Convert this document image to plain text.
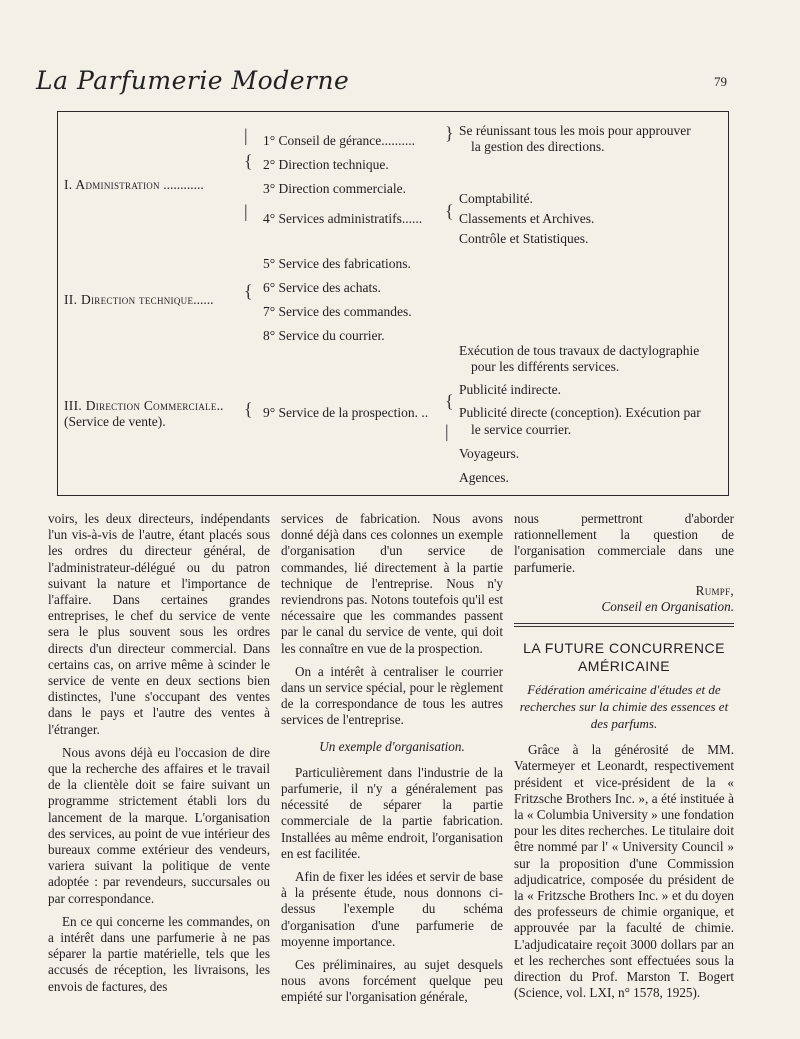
La Parfumerie Moderne	79
I. Administration ............
II. Direction technique......
III. Direction Commerciale..
(Service de vente).
|
{
|
{
{
1° Conseil de gérance..........
2° Direction technique.
3° Direction commerciale.
4° Services administratifs......
5° Service des fabrications.
6° Service des achats.
7° Service des commandes.
8° Service du courrier.
9° Service de la prospection. ..
}
{
{
|
Se réunissant tous les mois pour approuver
la gestion des directions.
Comptabilité.
Classements et Archives.
Contrôle et Statistiques.
Exécution de tous travaux de dactylographie
pour les différents services.
Publicité indirecte.
Publicité directe (conception). Exécution par
le service courrier.
Voyageurs.
Agences.

voirs, les deux directeurs, indépendants l'un vis-à-vis de l'autre, étant placés sous les ordres du directeur général, de l'administrateur-délégué ou du patron suivant la nature et l'importance de l'affaire. Dans certaines grandes entreprises, le chef du service de vente sera le plus souvent sous les ordres directs d'un directeur commercial. Dans certains cas, on arrive même à scinder le service de vente en deux sections bien distinctes, l'une s'occupant des ventes dans le pays et l'autre des ventes à l'étranger.

Nous avons déjà eu l'occasion de dire que la recherche des affaires et le travail de la clientèle doit se faire suivant un programme strictement établi lors du lancement de la marque. L'organisation des services, au point de vue intérieur des bureaux comme extérieur des vendeurs, variera suivant la politique de vente adoptée : par revendeurs, succursales ou par correspondance.

En ce qui concerne les commandes, on a intérêt dans une parfumerie à ne pas séparer la partie matérielle, tels que les accusés de réception, les livraisons, les envois de factures, des

services de fabrication. Nous avons donné déjà dans ces colonnes un exemple d'organisation d'un service de commandes, lié directement à la partie technique de l'entreprise. Nous n'y reviendrons pas. Notons toutefois qu'il est nécessaire que les commandes passent par le canal du service de vente, qui doit les connaître en vue de la prospection.

On a intérêt à centraliser le courrier dans un service spécial, pour le règlement de la correspondance de tous les autres services de l'entreprise.

Un exemple d'organisation.

Particulièrement dans l'industrie de la parfumerie, il n'y a généralement pas nécessité de séparer la partie commerciale de la partie fabrication. Installées au même endroit, l'organisation en est facilitée.

Afin de fixer les idées et servir de base à la présente étude, nous donnons ci-dessus l'exemple du schéma d'organisation d'une parfumerie de moyenne importance.

Ces préliminaires, au sujet desquels nous avons forcément quelque peu empiété sur l'organisation générale,

nous permettront d'aborder rationnellement la question de l'organisation commerciale dans une parfumerie.

Rumpf,

Conseil en Organisation.

LA FUTURE CONCURRENCE AMÉRICAINE
Fédération américaine d'études et de recherches sur la chimie des essences et des parfums.

Grâce à la générosité de MM. Vatermeyer et Leonardt, respectivement président et vice-président de la « Fritzsche Brothers Inc. », a été instituée à la « Columbia University » une fondation pour les dites recherches. Le titulaire doit être nommé par l' « University Council » sur la proposition d'une Commission adjudicatrice, composée du président de la « Fritzsche Brothers Inc. » et du doyen des professeurs de chimie organique, et approuvée par la faculté de chimie. L'adjudicataire reçoit 3000 dollars par an et les recherches sont effectuées sous la direction du Prof. Marston T. Bogert (Science, vol. LXI, n° 1578, 1925).
